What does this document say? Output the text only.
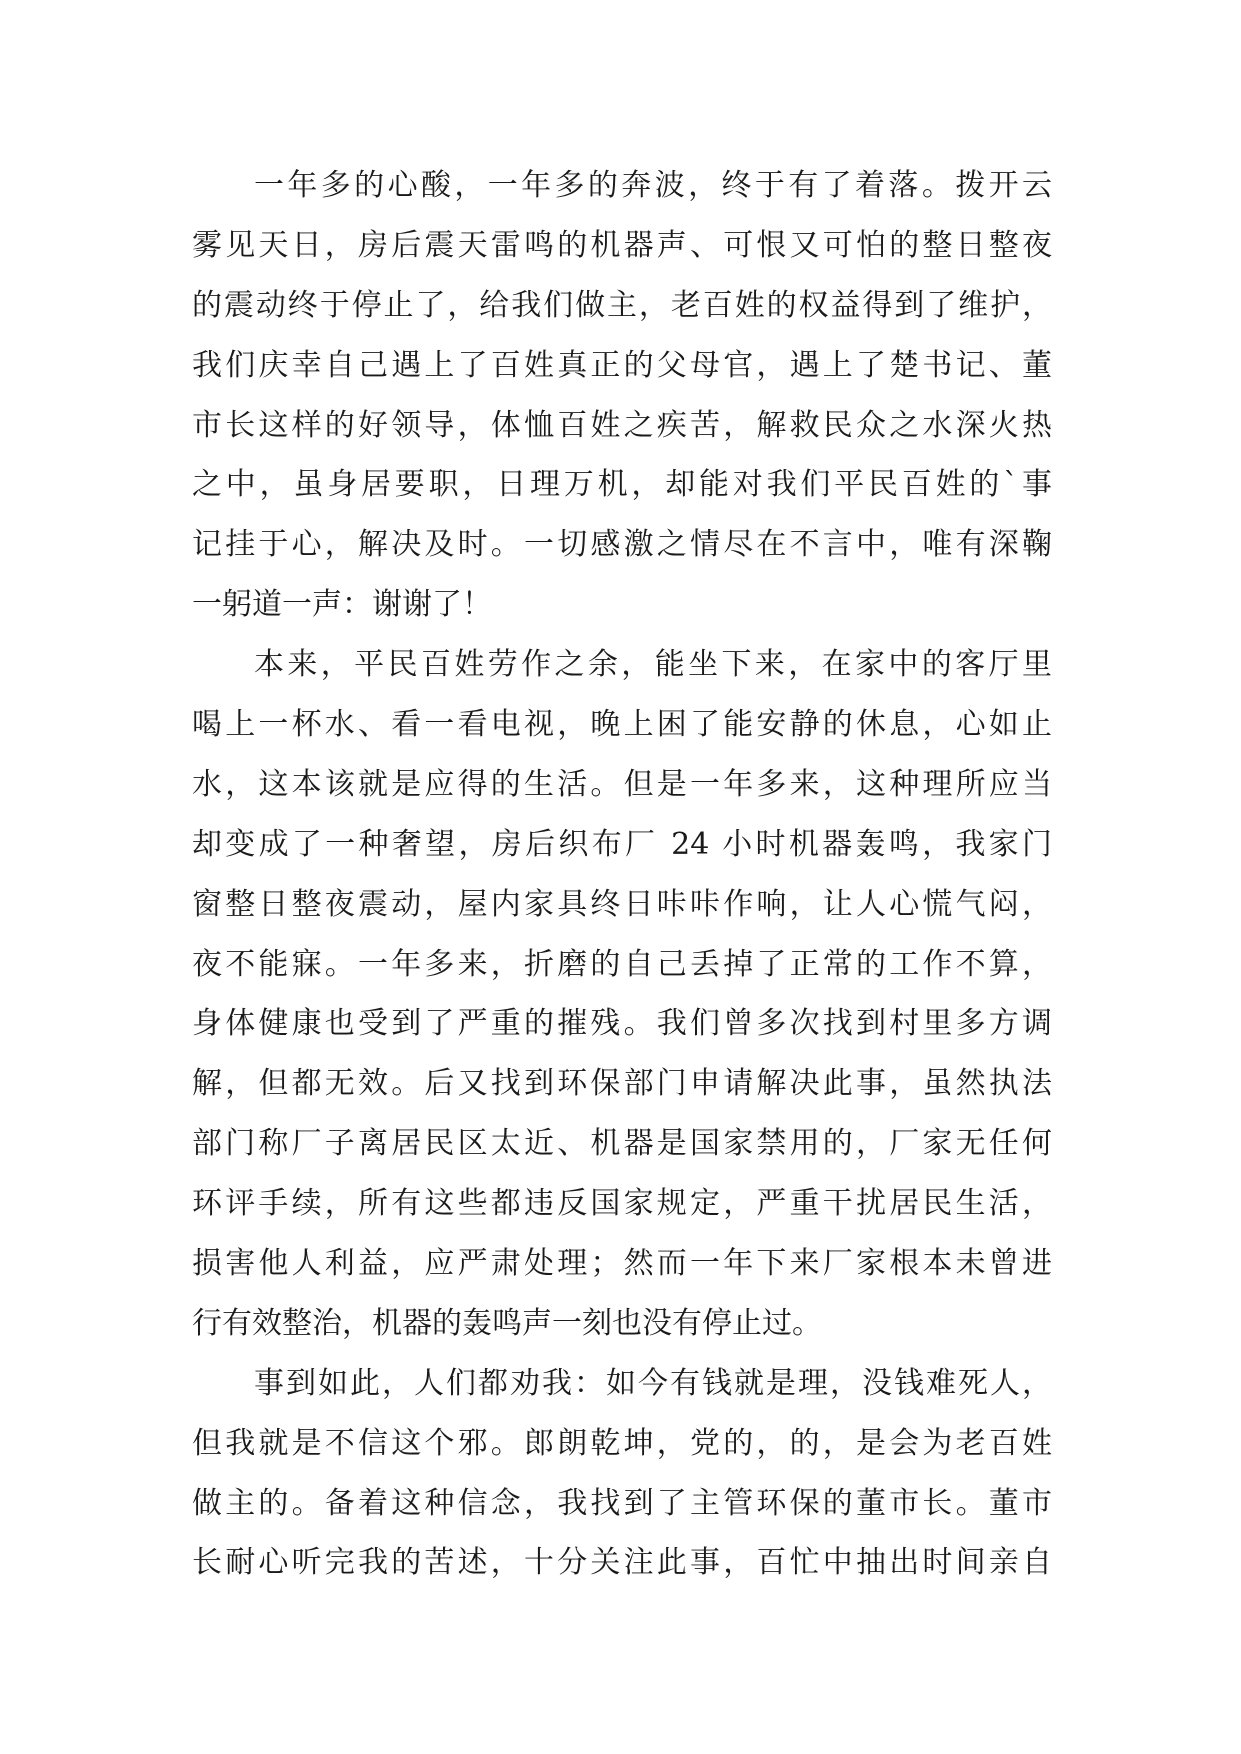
一年多的心酸，一年多的奔波，终于有了着落。拨开云
雾见天日，房后震天雷鸣的机器声、可恨又可怕的整日整夜
的震动终于停止了，给我们做主，老百姓的权益得到了维护，
我们庆幸自己遇上了百姓真正的父母官，遇上了楚书记、董
市长这样的好领导，体恤百姓之疾苦，解救民众之水深火热
之中，虽身居要职，日理万机，却能对我们平民百姓的`事
记挂于心，解决及时。一切感激之情尽在不言中，唯有深鞠
一躬道一声：谢谢了！
本来，平民百姓劳作之余，能坐下来，在家中的客厅里
喝上一杯水、看一看电视，晚上困了能安静的休息，心如止
水，这本该就是应得的生活。但是一年多来，这种理所应当
却变成了一种奢望，房后织布厂 24 小时机器轰鸣，我家门
窗整日整夜震动，屋内家具终日咔咔作响，让人心慌气闷，
夜不能寐。一年多来，折磨的自己丢掉了正常的工作不算，
身体健康也受到了严重的摧残。我们曾多次找到村里多方调
解，但都无效。后又找到环保部门申请解决此事，虽然执法
部门称厂子离居民区太近、机器是国家禁用的，厂家无任何
环评手续，所有这些都违反国家规定，严重干扰居民生活，
损害他人利益，应严肃处理；然而一年下来厂家根本未曾进
行有效整治，机器的轰鸣声一刻也没有停止过。
事到如此，人们都劝我：如今有钱就是理，没钱难死人，
但我就是不信这个邪。郎朗乾坤，党的，的，是会为老百姓
做主的。备着这种信念，我找到了主管环保的董市长。董市
长耐心听完我的苦述，十分关注此事，百忙中抽出时间亲自
